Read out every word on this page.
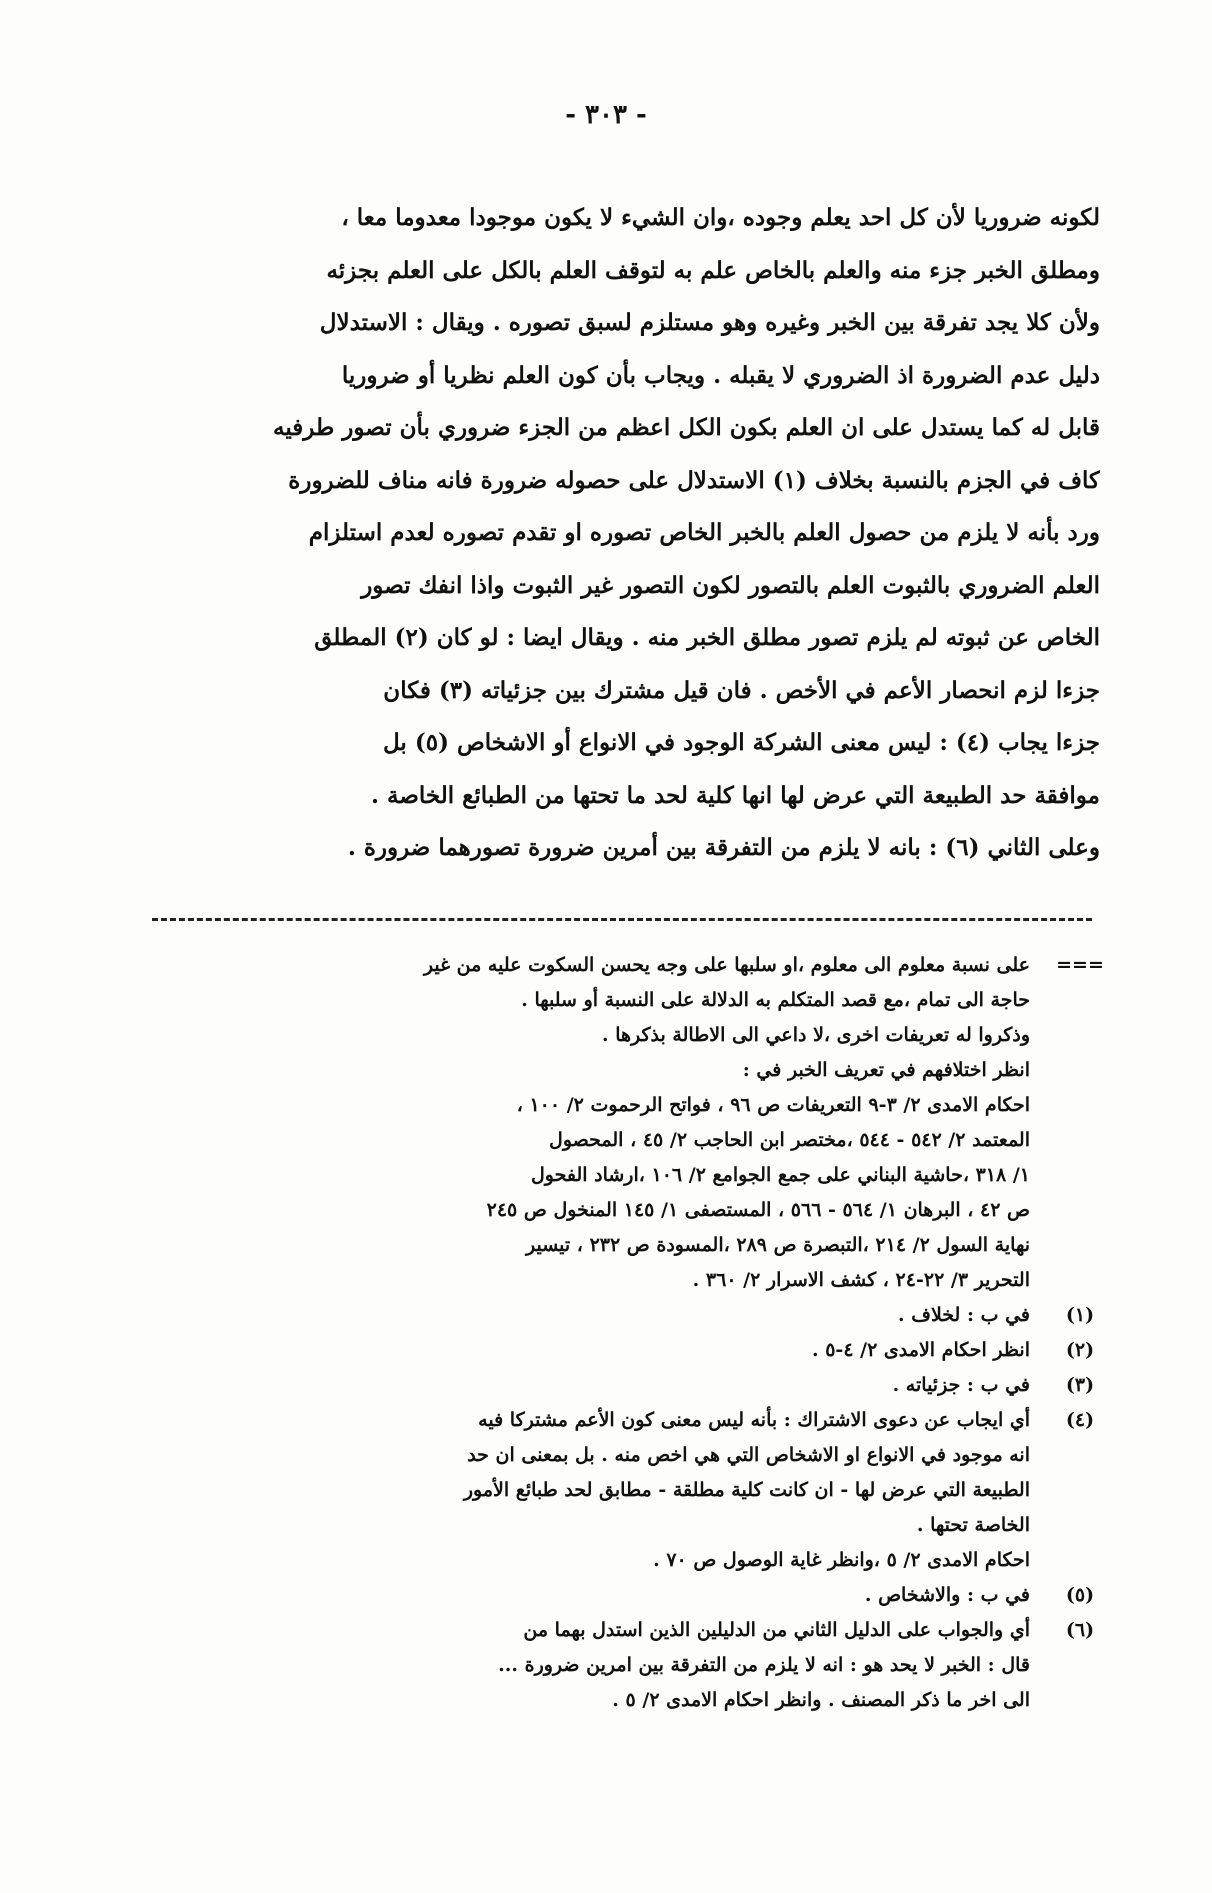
- ٣٠٣ -
لكونه ضروريا لأن كل احد يعلم وجوده ،وان الشيء لا يكون موجودا معدوما معا ،
ومطلق الخبر جزء منه والعلم بالخاص علم به لتوقف العلم بالكل على العلم بجزئه
ولأن كلا يجد تفرقة بين الخبر وغيره وهو مستلزم لسبق تصوره . ويقال : الاستدلال
دليل عدم الضرورة اذ الضروري لا يقبله . ويجاب بأن كون العلم نظريا أو ضروريا
قابل له كما يستدل على ان العلم بكون الكل اعظم من الجزء ضروري بأن تصور طرفيه
كاف في الجزم بالنسبة بخلاف (١) الاستدلال على حصوله ضرورة فانه مناف للضرورة
ورد بأنه لا يلزم من حصول العلم بالخبر الخاص تصوره او تقدم تصوره لعدم استلزام
العلم الضروري بالثبوت العلم بالتصور لكون التصور غير الثبوت واذا انفك تصور
الخاص عن ثبوته لم يلزم تصور مطلق الخبر منه . ويقال ايضا : لو كان (٢) المطلق
جزءا لزم انحصار الأعم في الأخص . فان قيل مشترك بين جزئياته (٣) فكان
جزءا يجاب (٤) : ليس معنى الشركة الوجود في الانواع أو الاشخاص (٥) بل
موافقة حد الطبيعة التي عرض لها انها كلية لحد ما تحتها من الطبائع الخاصة .
وعلى الثاني (٦) : بانه لا يلزم من التفرقة بين أمرين ضرورة تصورهما ضرورة .
===
على نسبة معلوم الى معلوم ،او سلبها على وجه يحسن السكوت عليه من غير
حاجة الى تمام ،مع قصد المتكلم به الدلالة على النسبة أو سلبها .
وذكروا له تعريفات اخرى ،لا داعي الى الاطالة بذكرها .
انظر اختلافهم في تعريف الخبر في :
احكام الامدى ٢/ ٣-٩ التعريفات ص ٩٦ ، فواتح الرحموت ٢/ ١٠٠ ،
المعتمد ٢/ ٥٤٢ - ٥٤٤ ،مختصر ابن الحاجب ٢/ ٤٥ ، المحصول
١/ ٣١٨ ،حاشية البناني على جمع الجوامع ٢/ ١٠٦ ،ارشاد الفحول
ص ٤٢ ، البرهان ١/ ٥٦٤ - ٥٦٦ ، المستصفى ١/ ١٤٥ المنخول ص ٢٤٥
نهاية السول ٢/ ٢١٤ ،التبصرة ص ٢٨٩ ،المسودة ص ٢٣٢ ، تيسير
التحرير ٣/ ٢٢-٢٤ ، كشف الاسرار ٢/ ٣٦٠ .
(١)
في ب : لخلاف .
(٢)
انظر احكام الامدى ٢/ ٤-٥ .
(٣)
في ب : جزئياته .
(٤)
أي ايجاب عن دعوى الاشتراك : بأنه ليس معنى كون الأعم مشتركا فيه
انه موجود في الانواع او الاشخاص التي هي اخص منه . بل بمعنى ان حد
الطبيعة التي عرض لها - ان كانت كلية مطلقة - مطابق لحد طبائع الأمور
الخاصة تحتها .
احكام الامدى ٢/ ٥ ،وانظر غاية الوصول ص ٧٠ .
(٥)
في ب : والاشخاص .
(٦)
أي والجواب على الدليل الثاني من الدليلين الذين استدل بهما من
قال : الخبر لا يحد هو : انه لا يلزم من التفرقة بين امرين ضرورة ...
الى اخر ما ذكر المصنف . وانظر احكام الامدى ٢/ ٥ .
